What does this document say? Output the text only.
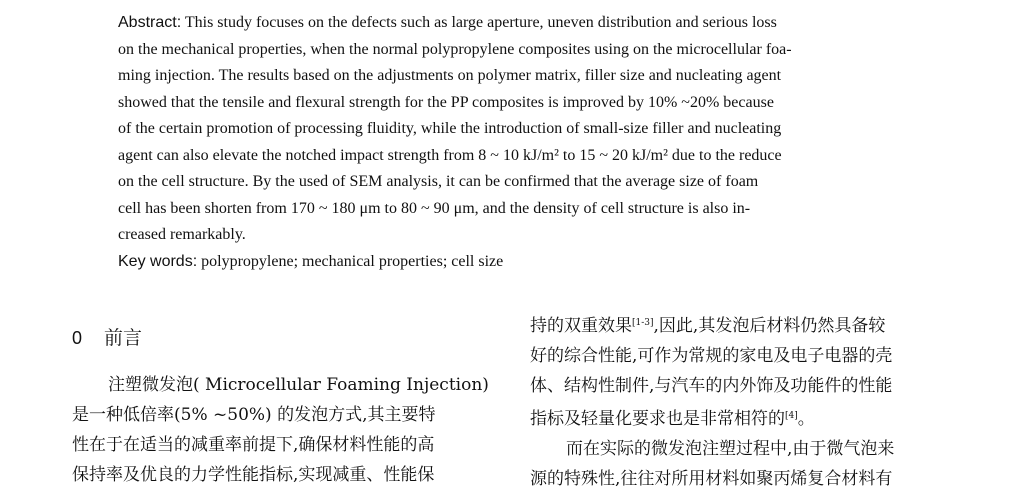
Abstract: This study focuses on the defects such as large aperture, uneven distribution and serious loss
on the mechanical properties, when the normal polypropylene composites using on the microcellular foa-
ming injection. The results based on the adjustments on polymer matrix, filler size and nucleating agent
showed that the tensile and flexural strength for the PP composites is improved by 10% ~20% because
of the certain promotion of processing fluidity, while the introduction of small-size filler and nucleating
agent can also elevate the notched impact strength from 8 ~ 10 kJ/m² to 15 ~ 20 kJ/m² due to the reduce
on the cell structure. By the used of SEM analysis, it can be confirmed that the average size of foam
cell has been shorten from 170 ~ 180 μm to 80 ~ 90 μm, and the density of cell structure is also in-
creased remarkably.
Key words: polypropylene; mechanical properties; cell size
0 前言
注塑微发泡( Microcellular Foaming Injection)
是一种低倍率(5% ~50%) 的发泡方式,其主要特
性在于在适当的减重率前提下,确保材料性能的高
保持率及优良的力学性能指标,实现减重、性能保
持的双重效果[1-3],因此,其发泡后材料仍然具备较
好的综合性能,可作为常规的家电及电子电器的壳
体、结构性制件,与汽车的内外饰及功能件的性能
指标及轻量化要求也是非常相符的[4]。
而在实际的微发泡注塑过程中,由于微气泡来
源的特殊性,往往对所用材料如聚丙烯复合材料有
